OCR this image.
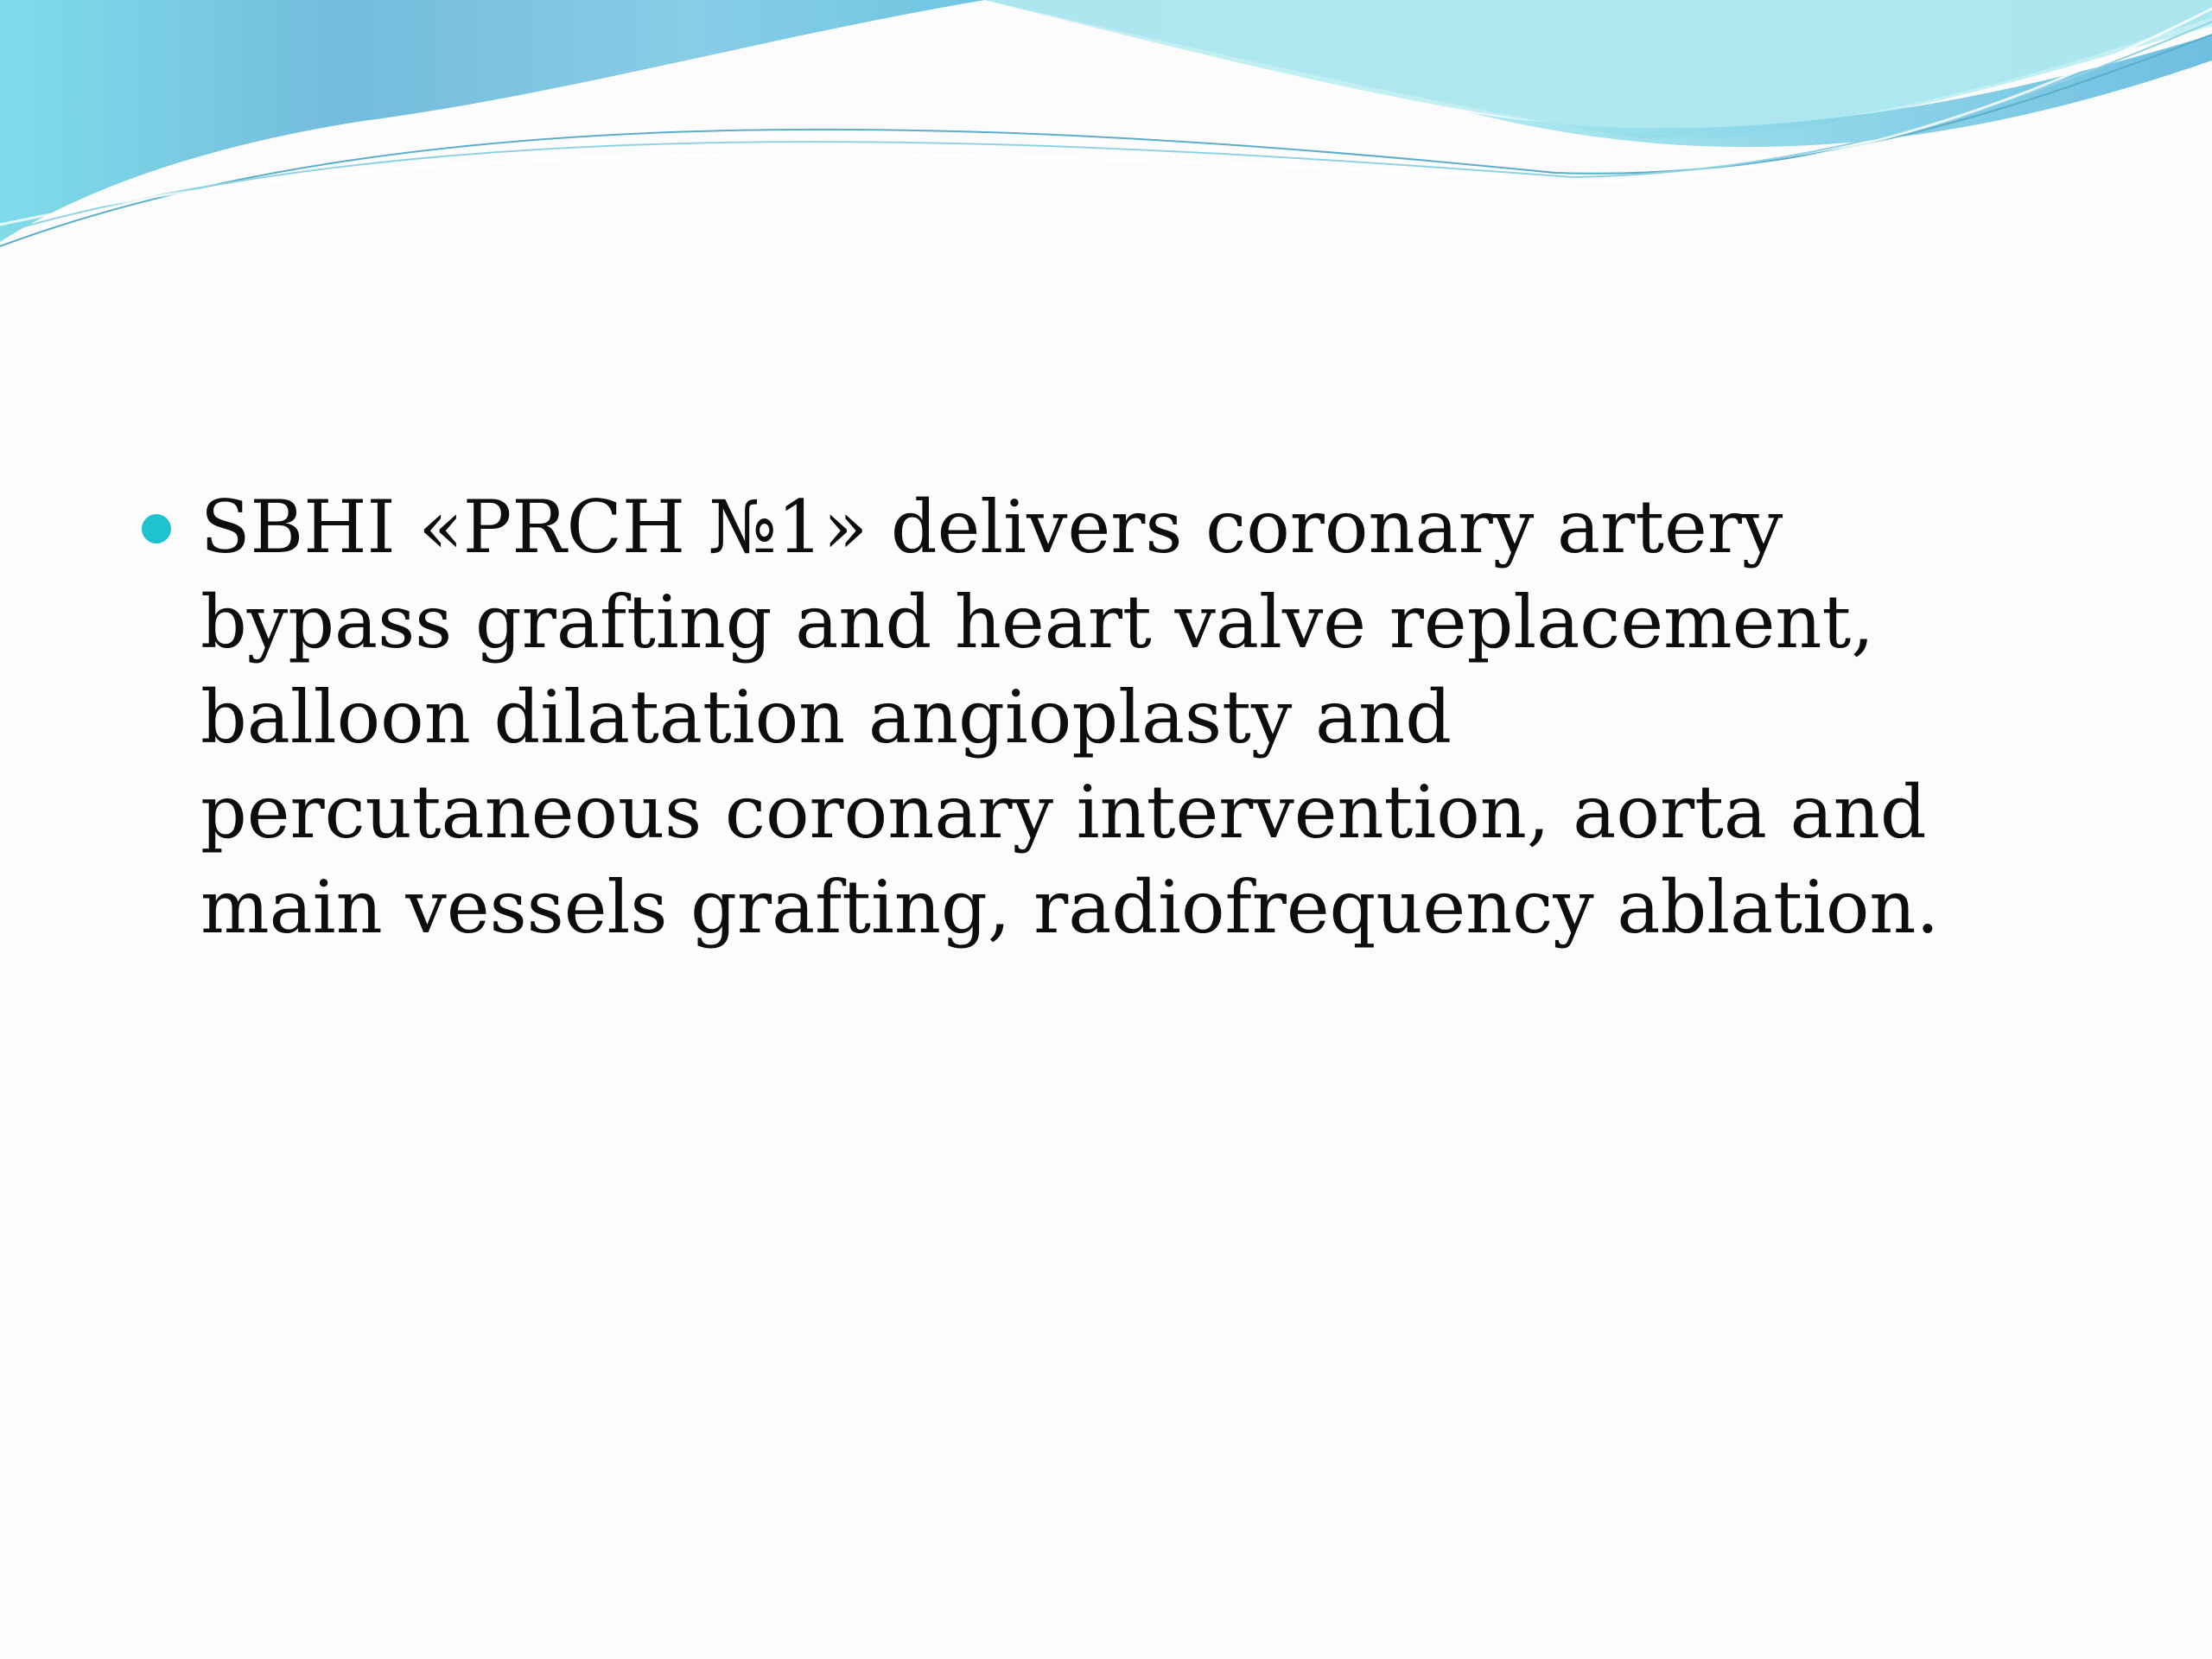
SBHI «PRCH №1» delivers coronary artery bypass grafting and heart valve replacement, balloon dilatation angioplasty and percutaneous coronary intervention, aorta and main vessels grafting, radiofrequency ablation.
